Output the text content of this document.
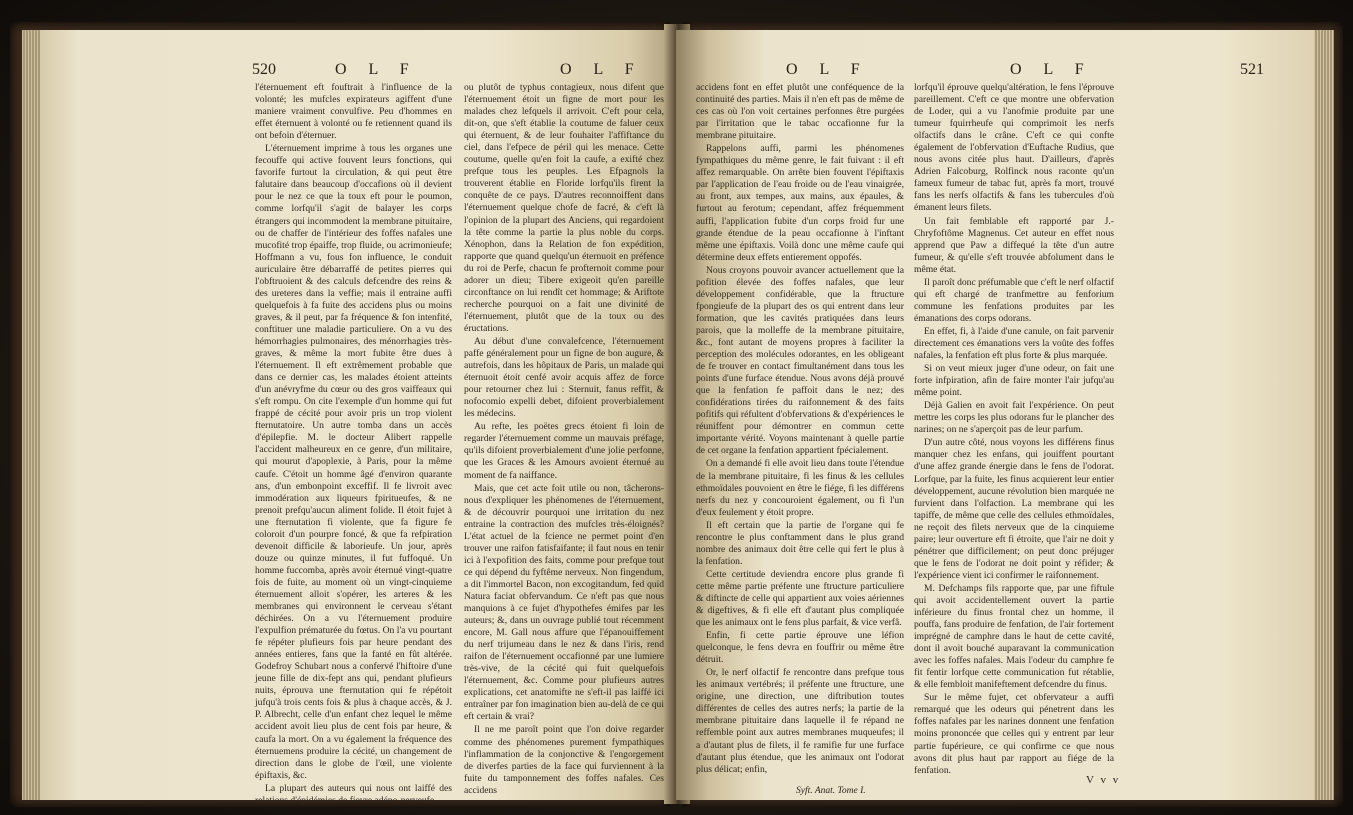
520	O L F	O L F

l'éternuement eft fouftrait à l'influence de la volonté; les mufcles expirateurs agiffent d'une maniere vraiment convulfive. Peu d'hommes en effet éternuent à volonté ou fe retiennent quand ils ont befoin d'éternuer.

L'éternuement imprime à tous les organes une fecouffe qui active fouvent leurs fonctions, qui favorife furtout la circulation, & qui peut être falutaire dans beaucoup d'occafions où il devient pour le nez ce que la toux eft pour le poumon, comme lorfqu'il s'agit de balayer les corps étrangers qui incommodent la membrane pituitaire, ou de chaffer de l'intérieur des foffes nafales une mucofité trop épaiffe, trop fluide, ou acrimonieufe; Hoffmann a vu, fous fon influence, le conduit auriculaire être débarraffé de petites pierres qui l'obftruoient & des calculs defcendre des reins & des ureteres dans la veffie; mais il entraine auffi quelquefois à fa fuite des accidens plus ou moins graves, & il peut, par fa fréquence & fon intenfité, conftituer une maladie particuliere. On a vu des hémorrhagies pulmonaires, des ménorrhagies très-graves, & même la mort fubite être dues à l'éternuement. Il eft extrêmement probable que dans ce dernier cas, les malades étoient atteints d'un anévryfme du cœur ou des gros vaiffeaux qui s'eft rompu. On cite l'exemple d'un homme qui fut frappé de cécité pour avoir pris un trop violent fternutatoire. Un autre tomba dans un accès d'épilepfie. M. le docteur Alibert rappelle l'accident malheureux en ce genre, d'un militaire, qui mourut d'apoplexie, à Paris, pour la même caufe. C'étoit un homme âgé d'environ quarante ans, d'un embonpoint exceffif. Il fe livroit avec immodération aux liqueurs fpiritueufes, & ne prenoit prefqu'aucun aliment folide. Il étoit fujet à une fternutation fi violente, que fa figure fe coloroit d'un pourpre foncé, & que fa refpiration devenoit difficile & laborieufe. Un jour, après douze ou quinze minutes, il fut fuffoqué. Un homme fuccomba, après avoir éternué vingt-quatre fois de fuite, au moment où un vingt-cinquieme éternuement alloit s'opérer, les arteres & les membranes qui environnent le cerveau s'étant déchirées. On a vu l'éternuement produire l'expulfion prématurée du fœtus. On l'a vu pourtant fe répéter plufieurs fois par heure pendant des années entieres, fans que la fanté en fût altérée. Godefroy Schubart nous a confervé l'hiftoire d'une jeune fille de dix-fept ans qui, pendant plufieurs nuits, éprouva une fternutation qui fe répétoit jufqu'à trois cents fois & plus à chaque accès, & J. P. Albrecht, celle d'un enfant chez lequel le même accident avoit lieu plus de cent fois par heure, & caufa la mort. On a vu également la fréquence des éternuemens produire la cécité, un changement de direction dans le globe de l'œil, une violente épiftaxis, &c.

La plupart des auteurs qui nous ont laiffé des relations d'épidémies de fievre adéno-nerveufe,

ou plutôt de typhus contagieux, nous difent que l'éternuement étoit un figne de mort pour les malades chez lefquels il arrivoit. C'eft pour cela, dit-on, que s'eft établie la coutume de faluer ceux qui éternuent, & de leur fouhaiter l'affiftance du ciel, dans l'efpece de péril qui les menace. Cette coutume, quelle qu'en foit la caufe, a exifté chez prefque tous les peuples. Les Efpagnols la trouverent établie en Floride lorfqu'ils firent la conquête de ce pays. D'autres reconnoiffent dans l'éternuement quelque chofe de facré, & c'eft là l'opinion de la plupart des Anciens, qui regardoient la tête comme la partie la plus noble du corps. Xénophon, dans la Relation de fon expédition, rapporte que quand quelqu'un éternuoit en préfence du roi de Perfe, chacun fe profternoit comme pour adorer un dieu; Tibere exigeoit qu'en pareille circonftance on lui rendît cet hommage; & Ariftote recherche pourquoi on a fait une divinité de l'éternuement, plutôt que de la toux ou des éructations.

Au début d'une convalefcence, l'éternuement paffe généralement pour un figne de bon augure, & autrefois, dans les hôpitaux de Paris, un malade qui éternuoit étoit cenfé avoir acquis affez de force pour retourner chez lui : Sternuit, fanus reffit, & nofocomio expelli debet, difoient proverbialement les médecins.

Au refte, les poëtes grecs étoient fi loin de regarder l'éternuement comme un mauvais préfage, qu'ils difoient proverbialement d'une jolie perfonne, que les Graces & les Amours avoient éternué au moment de fa naiffance.

Mais, que cet acte foit utile ou non, tâcherons-nous d'expliquer les phénomenes de l'éternuement, & de découvrir pourquoi une irritation du nez entraine la contraction des mufcles très-éloignés? L'état actuel de la fcience ne permet point d'en trouver une raifon fatisfaifante; il faut nous en tenir ici à l'expofition des faits, comme pour prefque tout ce qui dépend du fyftême nerveux. Non fingendum, a dit l'immortel Bacon, non excogitandum, fed quid Natura faciat obfervandum. Ce n'eft pas que nous manquions à ce fujet d'hypothefes émifes par les auteurs; &, dans un ouvrage publié tout récemment encore, M. Gall nous affure que l'épanouiffement du nerf trijumeau dans le nez & dans l'iris, rend raifon de l'éternuement occafionné par une lumiere très-vive, de la cécité qui fuit quelquefois l'éternuement, &c. Comme pour plufieurs autres explications, cet anatomifte ne s'eft-il pas laiffé ici entraîner par fon imagination bien au-delà de ce qui eft certain & vrai?

Il ne me paroît point que l'on doive regarder comme des phénomenes purement fympathiques l'inflammation de la conjonctive & l'engorgement de diverfes parties de la face qui furviennent à la fuite du tamponnement des foffes nafales. Ces accidens

O L F	O L F	521

accidens font en effet plutôt une conféquence de la continuité des parties. Mais il n'en eft pas de même de ces cas où l'on voit certaines perfonnes être purgées par l'irritation que le tabac occafionne fur la membrane pituitaire.

Rappelons auffi, parmi les phénomenes fympathiques du même genre, le fait fuivant : il eft affez remarquable. On arrête bien fouvent l'épiftaxis par l'application de l'eau froide ou de l'eau vinaigrée, au front, aux tempes, aux mains, aux épaules, & furtout au ferotum; cependant, affez fréquemment auffi, l'application fubite d'un corps froid fur une grande étendue de la peau occafionne à l'inftant même une épiftaxis. Voilà donc une même caufe qui détermine deux effets entierement oppofés.

Nous croyons pouvoir avancer actuellement que la pofition élevée des foffes nafales, que leur développement confidérable, que la ftructure fpongieufe de la plupart des os qui entrent dans leur formation, que les cavités pratiquées dans leurs parois, que la molleffe de la membrane pituitaire, &c., font autant de moyens propres à faciliter la perception des molécules odorantes, en les obligeant de fe trouver en contact fimultanément dans tous les points d'une furface étendue. Nous avons déjà prouvé que la fenfation fe paffoit dans le nez; des confidérations tirées du raifonnement & des faits pofitifs qui réfultent d'obfervations & d'expériences le réuniffent pour démontrer en commun cette importante vérité. Voyons maintenant à quelle partie de cet organe la fenfation appartient fpécialement.

On a demandé fi elle avoit lieu dans toute l'étendue de la membrane pituitaire, fi les finus & les cellules ethmoïdales pouvoient en être le fiége, fi les différens nerfs du nez y concouroient également, ou fi l'un d'eux feulement y étoit propre.

Il eft certain que la partie de l'organe qui fe rencontre le plus conftamment dans le plus grand nombre des animaux doit être celle qui fert le plus à la fenfation.

Cette certitude deviendra encore plus grande fi cette même partie préfente une ftructure particuliere & diftincte de celle qui appartient aux voies aériennes & digeftives, & fi elle eft d'autant plus compliquée que les animaux ont le fens plus parfait, & vice verfâ.

Enfin, fi cette partie éprouve une léfion quelconque, le fens devra en fouffrir ou même être détruit.

Or, le nerf olfactif fe rencontre dans prefque tous les animaux vertébrés; il préfente une ftructure, une origine, une direction, une diftribution toutes différentes de celles des autres nerfs; la partie de la membrane pituitaire dans laquelle il fe répand ne reffemble point aux autres membranes muqueufes; il a d'autant plus de filets, il fe ramifie fur une furface d'autant plus étendue, que les animaux ont l'odorat plus délicat; enfin,

lorfqu'il éprouve quelqu'altération, le fens l'éprouve pareillement. C'eft ce que montre une obfervation de Loder, qui a vu l'anofmie produite par une tumeur fquirrheufe qui comprimoit les nerfs olfactifs dans le crâne. C'eft ce qui confte également de l'obfervation d'Euftache Rudius, que nous avons citée plus haut. D'ailleurs, d'après Adrien Falcoburg, Rolfinck nous raconte qu'un fameux fumeur de tabac fut, après fa mort, trouvé fans les nerfs olfactifs & fans les tubercules d'où émanent leurs filets.

Un fait femblable eft rapporté par J.-Chryfoftôme Magnenus. Cet auteur en effet nous apprend que Paw a diffequé la tête d'un autre fumeur, & qu'elle s'eft trouvée abfolument dans le même état.

Il paroît donc préfumable que c'eft le nerf olfactif qui eft chargé de tranfmettre au fenforium commune les fenfations produites par les émanations des corps odorans.

En effet, fi, à l'aide d'une canule, on fait parvenir directement ces émanations vers la voûte des foffes nafales, la fenfation eft plus forte & plus marquée.

Si on veut mieux juger d'une odeur, on fait une forte infpiration, afin de faire monter l'air jufqu'au même point.

Déjà Galien en avoit fait l'expérience. On peut mettre les corps les plus odorans fur le plancher des narines; on ne s'aperçoit pas de leur parfum.

D'un autre côté, nous voyons les différens finus manquer chez les enfans, qui jouiffent pourtant d'une affez grande énergie dans le fens de l'odorat. Lorfque, par la fuite, les finus acquierent leur entier développement, aucune révolution bien marquée ne furvient dans l'olfaction. La membrane qui les tapiffe, de même que celle des cellules ethmoïdales, ne reçoit des filets nerveux que de la cinquieme paire; leur ouverture eft fi étroite, que l'air ne doit y pénétrer que difficilement; on peut donc préjuger que le fens de l'odorat ne doit point y réfider; & l'expérience vient ici confirmer le raifonnement.

M. Defchamps fils rapporte que, par une fiftule qui avoit accidentellement ouvert la partie inférieure du finus frontal chez un homme, il pouffa, fans produire de fenfation, de l'air fortement imprégné de camphre dans le haut de cette cavité, dont il avoit bouché auparavant la communication avec les foffes nafales. Mais l'odeur du camphre fe fit fentir lorfque cette communication fut rétablie, & elle fembloit manifeftement defcendre du finus.

Sur le même fujet, cet obfervateur a auffi remarqué que les odeurs qui pénetrent dans les foffes nafales par les narines donnent une fenfation moins prononcée que celles qui y entrent par leur partie fupérieure, ce qui confirme ce que nous avons dit plus haut par rapport au fiége de la fenfation.

Syft. Anat. Tome I.
V v v
